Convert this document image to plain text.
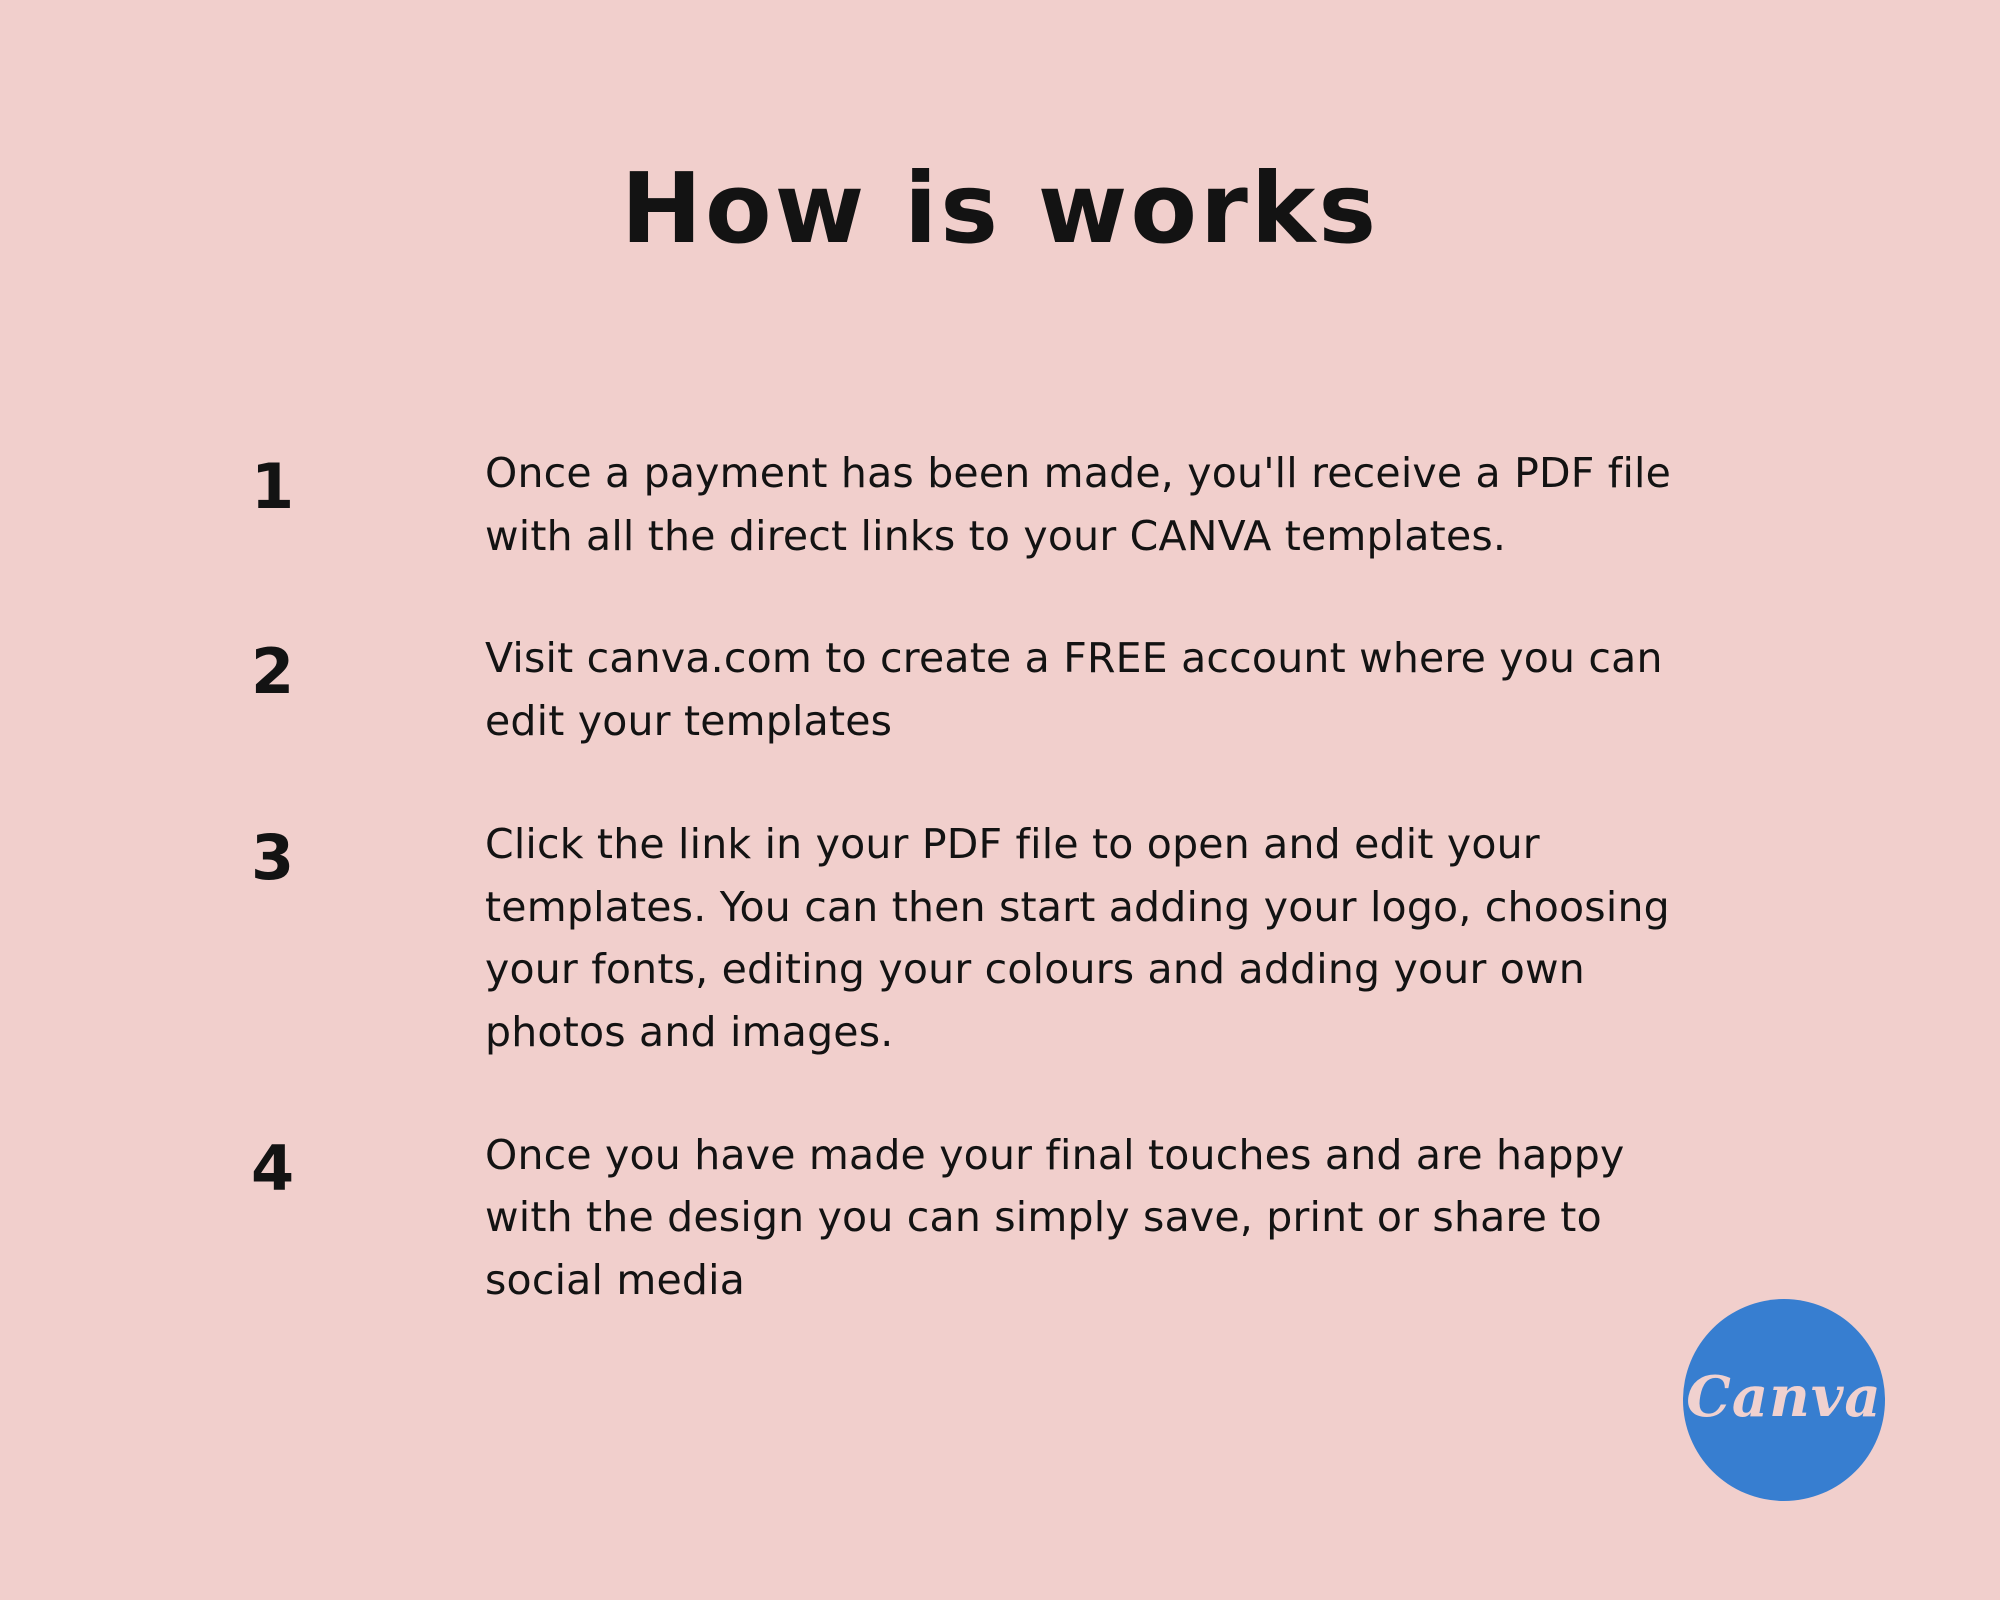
How is works
1	Once a payment has been made, you'll receive a PDF file with all the direct links to your CANVA templates.
2	Visit canva.com to create a FREE account where you can edit your templates
3	Click the link in your PDF file to open and edit your templates. You can then start adding your logo, choosing your fonts, editing your colours and adding your own photos and images.
4	Once you have made your final touches and are happy with the design you can simply save, print or share to social media
Canva
